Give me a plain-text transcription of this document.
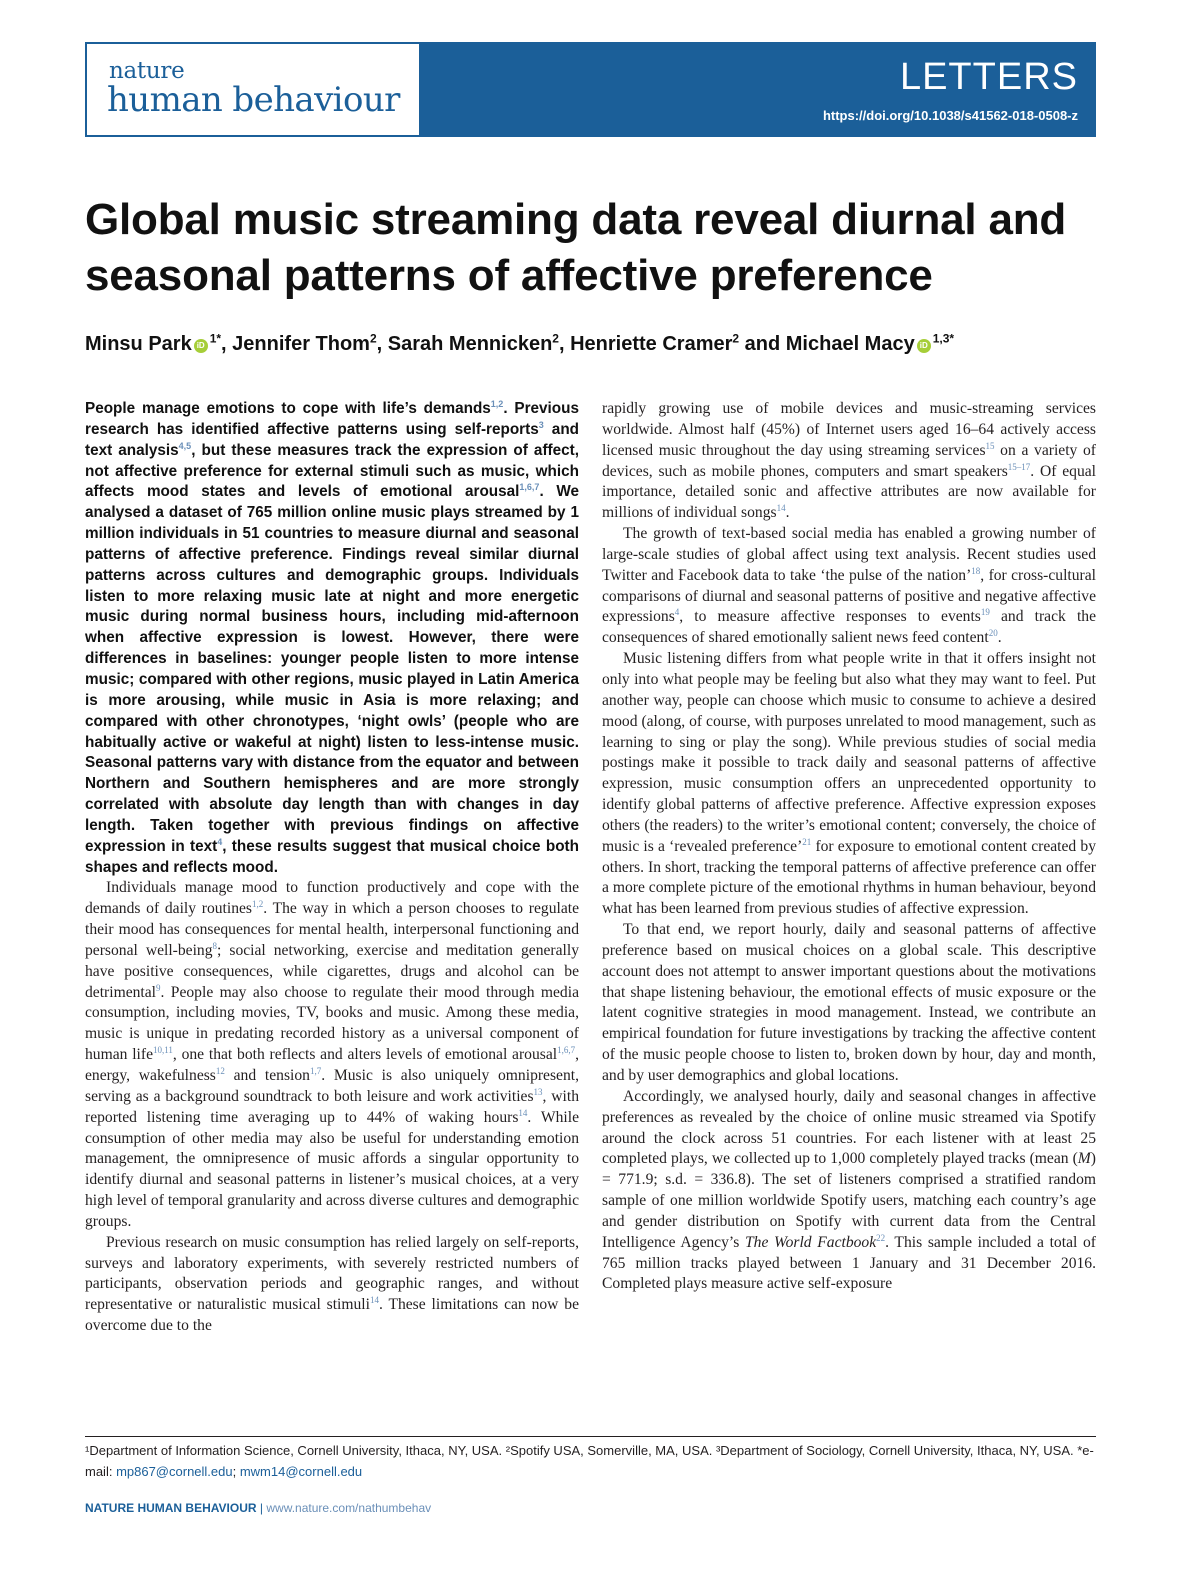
nature
human behaviour
LETTERS
https://doi.org/10.1038/s41562-018-0508-z
Global music streaming data reveal diurnal and
seasonal patterns of affective preference
Minsu Park $iD^{1*}$, Jennifer Thom$^2$, Sarah Mennicken$^2$, Henriette Cramer$^2$ and Michael Macy $iD^{1,3*}$

People manage emotions to cope with life’s demands$^{1,2}$. Previous research has identified affective patterns using self-reports$^3$ and text analysis$^{4,5}$, but these measures track the expression of affect, not affective preference for external stimuli such as music, which affects mood states and levels of emotional arousal$^{1,6,7}$. We analysed a dataset of 765 million online music plays streamed by 1 million individuals in 51 countries to measure diurnal and seasonal patterns of affective preference. Findings reveal similar diurnal patterns across cultures and demographic groups. Individuals listen to more relaxing music late at night and more energetic music during normal business hours, including mid-afternoon when affective expression is lowest. However, there were differences in baselines: younger people listen to more intense music; compared with other regions, music played in Latin America is more arousing, while music in Asia is more relaxing; and compared with other chronotypes, ‘night owls’ (people who are habitually active or wakeful at night) listen to less-intense music. Seasonal patterns vary with distance from the equator and between Northern and Southern hemispheres and are more strongly correlated with absolute day length than with changes in day length. Taken together with previous findings on affective expression in text$^4$, these results suggest that musical choice both shapes and reflects mood.

Individuals manage mood to function productively and cope with the demands of daily routines$^{1,2}$. The way in which a person chooses to regulate their mood has consequences for mental health, interpersonal functioning and personal well-being$^8$; social networking, exercise and meditation generally have positive consequences, while cigarettes, drugs and alcohol can be detrimental$^9$. People may also choose to regulate their mood through media consumption, including movies, TV, books and music. Among these media, music is unique in predating recorded history as a universal component of human life$^{10,11}$, one that both reflects and alters levels of emotional arousal$^{1,6,7}$, energy, wakefulness$^{12}$ and tension$^{1,7}$. Music is also uniquely omnipresent, serving as a background soundtrack to both leisure and work activities$^{13}$, with reported listening time averaging up to 44% of waking hours$^{14}$. While consumption of other media may also be useful for understanding emotion management, the omnipresence of music affords a singular opportunity to identify diurnal and seasonal patterns in listener’s musical choices, at a very high level of temporal granularity and across diverse cultures and demographic groups.

Previous research on music consumption has relied largely on self-reports, surveys and laboratory experiments, with severely restricted numbers of participants, observation periods and geographic ranges, and without representative or naturalistic musical stimuli$^{14}$. These limitations can now be overcome due to the

rapidly growing use of mobile devices and music-streaming services worldwide. Almost half (45%) of Internet users aged 16–64 actively access licensed music throughout the day using streaming services$^{15}$ on a variety of devices, such as mobile phones, computers and smart speakers$^{15-17}$. Of equal importance, detailed sonic and affective attributes are now available for millions of individual songs$^{14}$.

The growth of text-based social media has enabled a growing number of large-scale studies of global affect using text analysis. Recent studies used Twitter and Facebook data to take ‘the pulse of the nation’$^{18}$, for cross-cultural comparisons of diurnal and seasonal patterns of positive and negative affective expressions$^4$, to measure affective responses to events$^{19}$ and track the consequences of shared emotionally salient news feed content$^{20}$.

Music listening differs from what people write in that it offers insight not only into what people may be feeling but also what they may want to feel. Put another way, people can choose which music to consume to achieve a desired mood (along, of course, with purposes unrelated to mood management, such as learning to sing or play the song). While previous studies of social media postings make it possible to track daily and seasonal patterns of affective expression, music consumption offers an unprecedented opportunity to identify global patterns of affective preference. Affective expression exposes others (the readers) to the writer’s emotional content; conversely, the choice of music is a ‘revealed preference’$^{21}$ for exposure to emotional content created by others. In short, tracking the temporal patterns of affective preference can offer a more complete picture of the emotional rhythms in human behaviour, beyond what has been learned from previous studies of affective expression.

To that end, we report hourly, daily and seasonal patterns of affective preference based on musical choices on a global scale. This descriptive account does not attempt to answer important questions about the motivations that shape listening behaviour, the emotional effects of music exposure or the latent cognitive strategies in mood management. Instead, we contribute an empirical foundation for future investigations by tracking the affective content of the music people choose to listen to, broken down by hour, day and month, and by user demographics and global locations.

Accordingly, we analysed hourly, daily and seasonal changes in affective preferences as revealed by the choice of online music streamed via Spotify around the clock across 51 countries. For each listener with at least 25 completed plays, we collected up to 1,000 completely played tracks (mean (M) = 771.9; s.d. = 336.8). The set of listeners comprised a stratified random sample of one million worldwide Spotify users, matching each country’s age and gender distribution on Spotify with current data from the Central Intelligence Agency’s The World Factbook$^{22}$. This sample included a total of 765 million tracks played between 1 January and 31 December 2016. Completed plays measure active self-exposure

¹Department of Information Science, Cornell University, Ithaca, NY, USA. ²Spotify USA, Somerville, MA, USA. ³Department of Sociology, Cornell University, Ithaca, NY, USA. *e-mail: mp867@cornell.edu; mwm14@cornell.edu
NATURE HUMAN BEHAVIOUR | www.nature.com/nathumbehav
